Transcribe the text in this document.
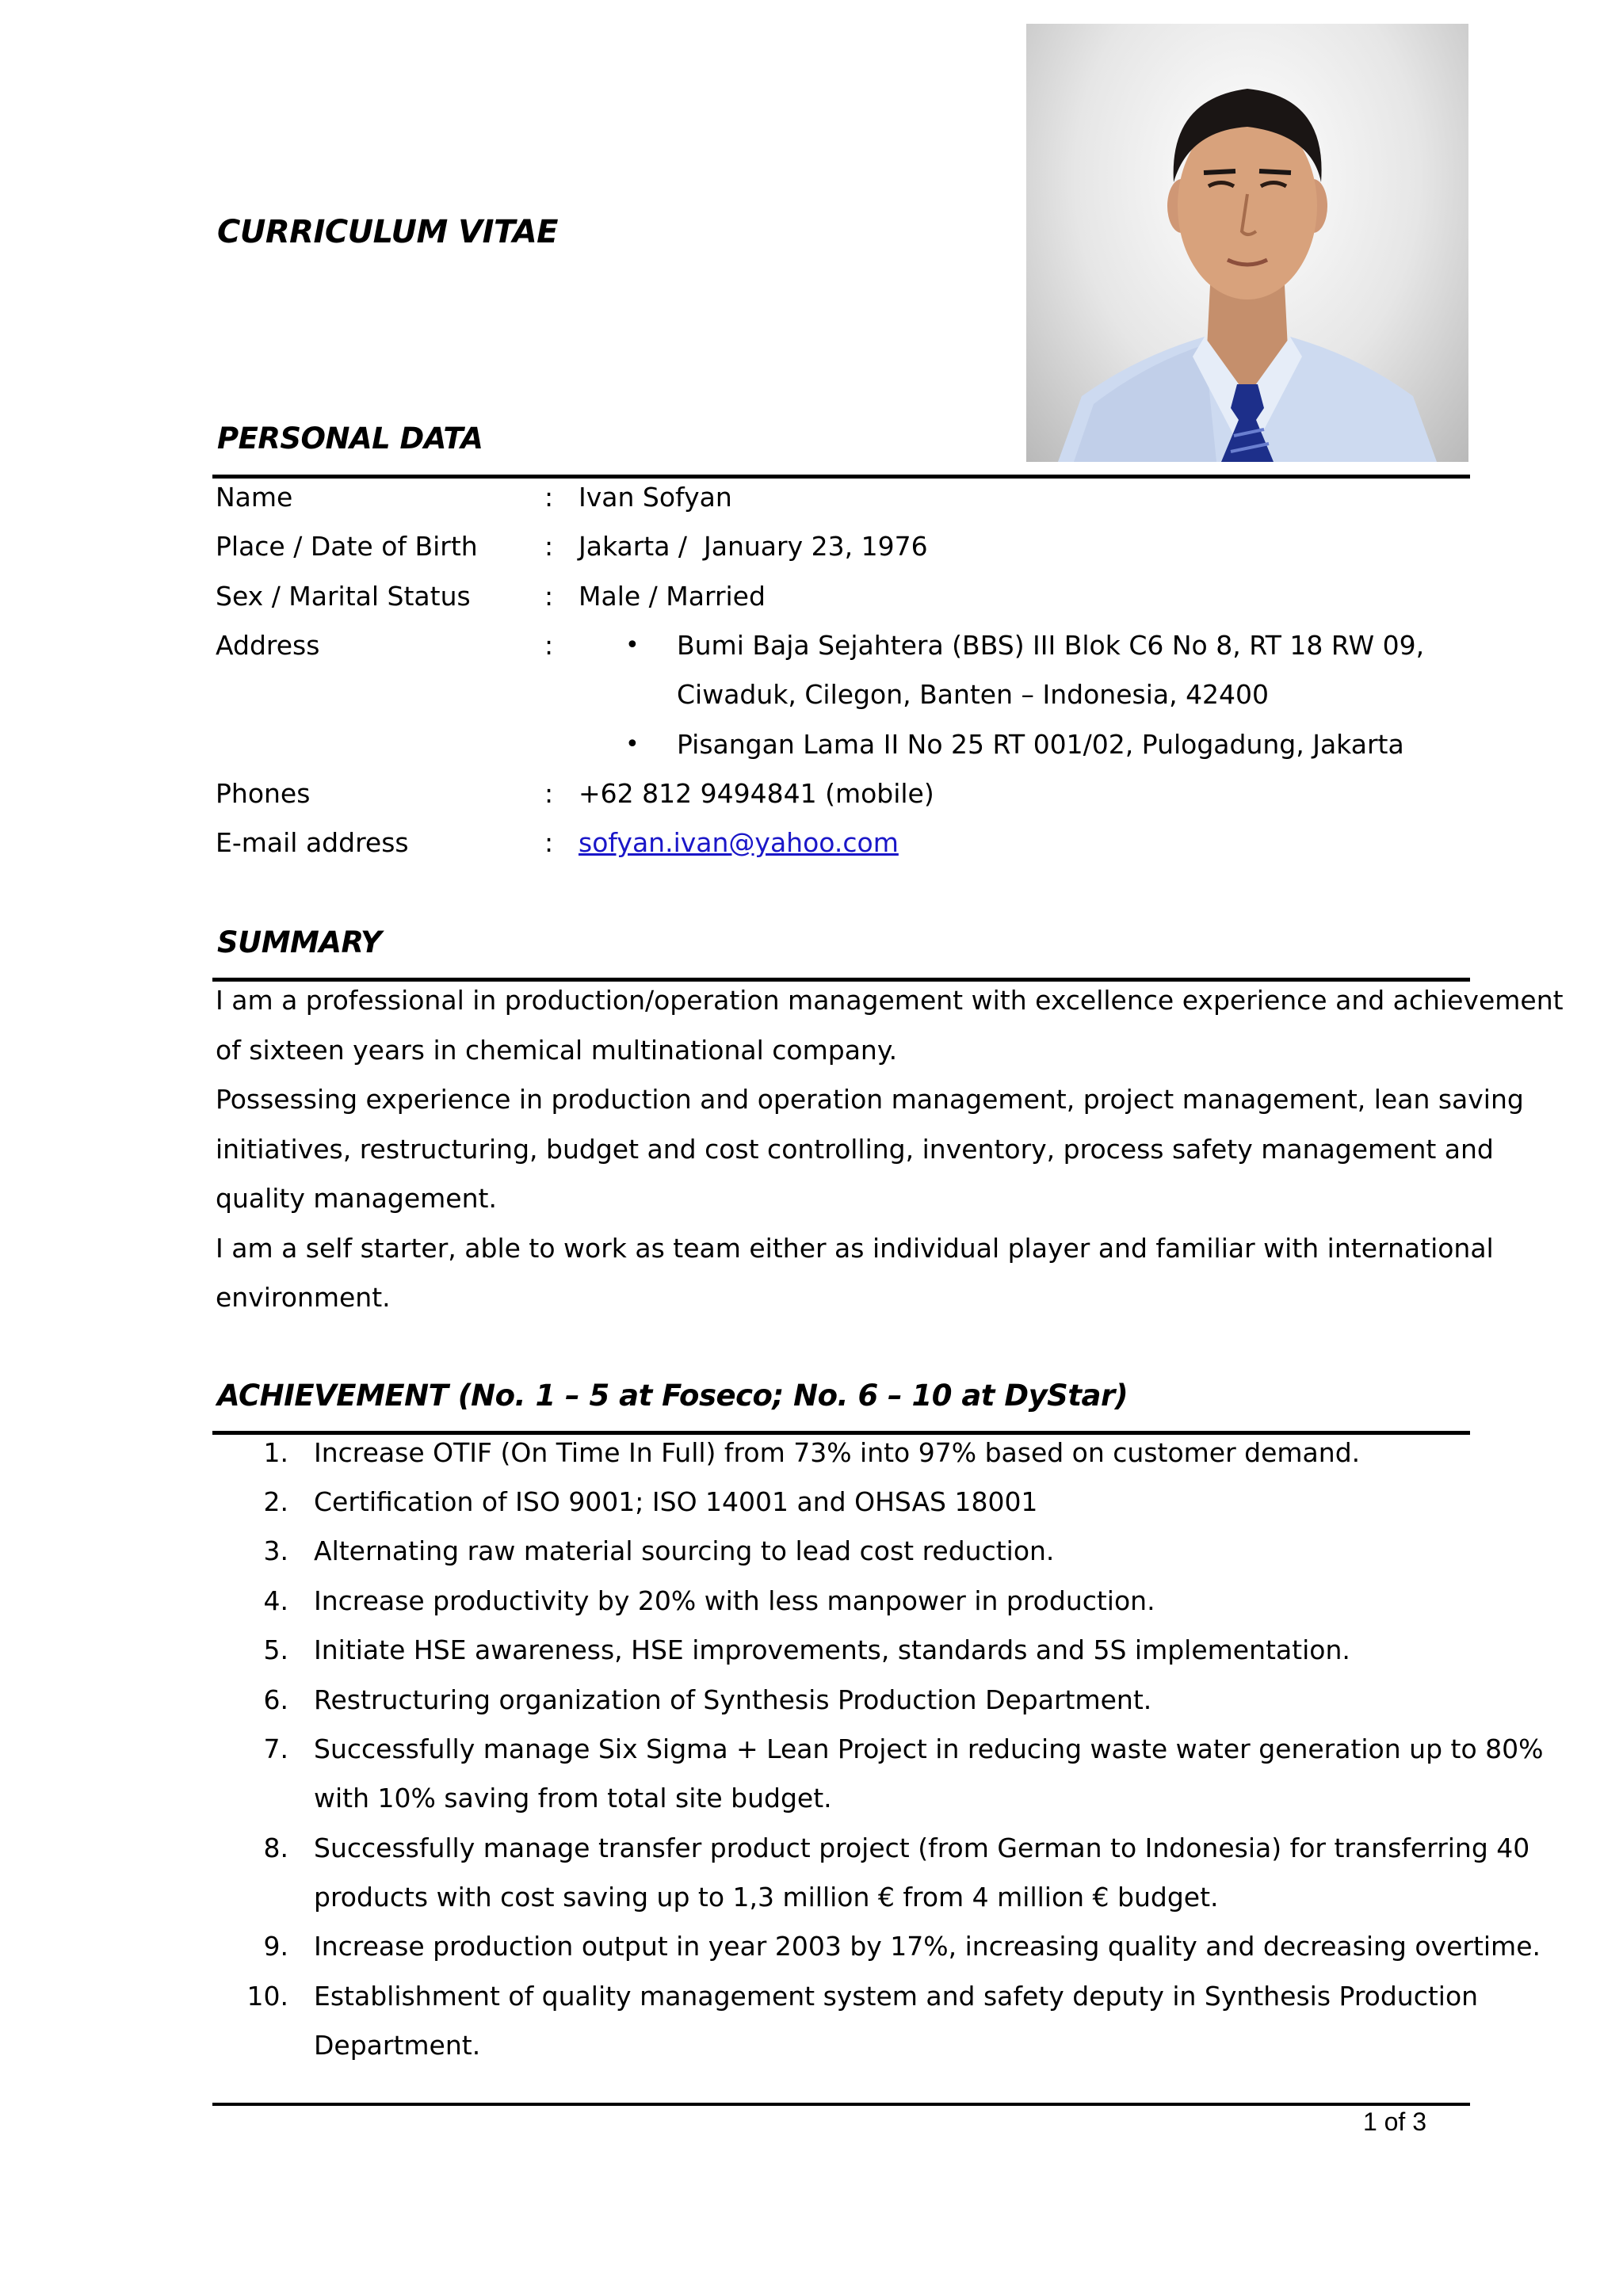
CURRICULUM VITAE
PERSONAL DATA
Name	: Ivan Sofyan
Place / Date of Birth	: Jakarta /  January 23, 1976
Sex / Marital Status	: Male / Married
Address	:	• Bumi Baja Sejahtera (BBS) III Blok C6 No 8, RT 18 RW 09,
Ciwaduk, Cilegon, Banten – Indonesia, 42400
• Pisangan Lama II No 25 RT 001/02, Pulogadung, Jakarta
Phones	: +62 812 9494841 (mobile)
E-mail address	: sofyan.ivan@yahoo.com
SUMMARY
I am a professional in production/operation management with excellence experience and achievement
of sixteen years in chemical multinational company.
Possessing experience in production and operation management, project management, lean saving
initiatives, restructuring, budget and cost controlling, inventory, process safety management and
quality management.
I am a self starter, able to work as team either as individual player and familiar with international
environment.
ACHIEVEMENT (No. 1 – 5 at Foseco; No. 6 – 10 at DyStar)
1. Increase OTIF (On Time In Full) from 73% into 97% based on customer demand.
2. Certification of ISO 9001; ISO 14001 and OHSAS 18001
3. Alternating raw material sourcing to lead cost reduction.
4. Increase productivity by 20% with less manpower in production.
5. Initiate HSE awareness, HSE improvements, standards and 5S implementation.
6. Restructuring organization of Synthesis Production Department.
7. Successfully manage Six Sigma + Lean Project in reducing waste water generation up to 80%
with 10% saving from total site budget.
8. Successfully manage transfer product project (from German to Indonesia) for transferring 40
products with cost saving up to 1,3 million € from 4 million € budget.
9. Increase production output in year 2003 by 17%, increasing quality and decreasing overtime.
10. Establishment of quality management system and safety deputy in Synthesis Production
Department.
1 of 3
